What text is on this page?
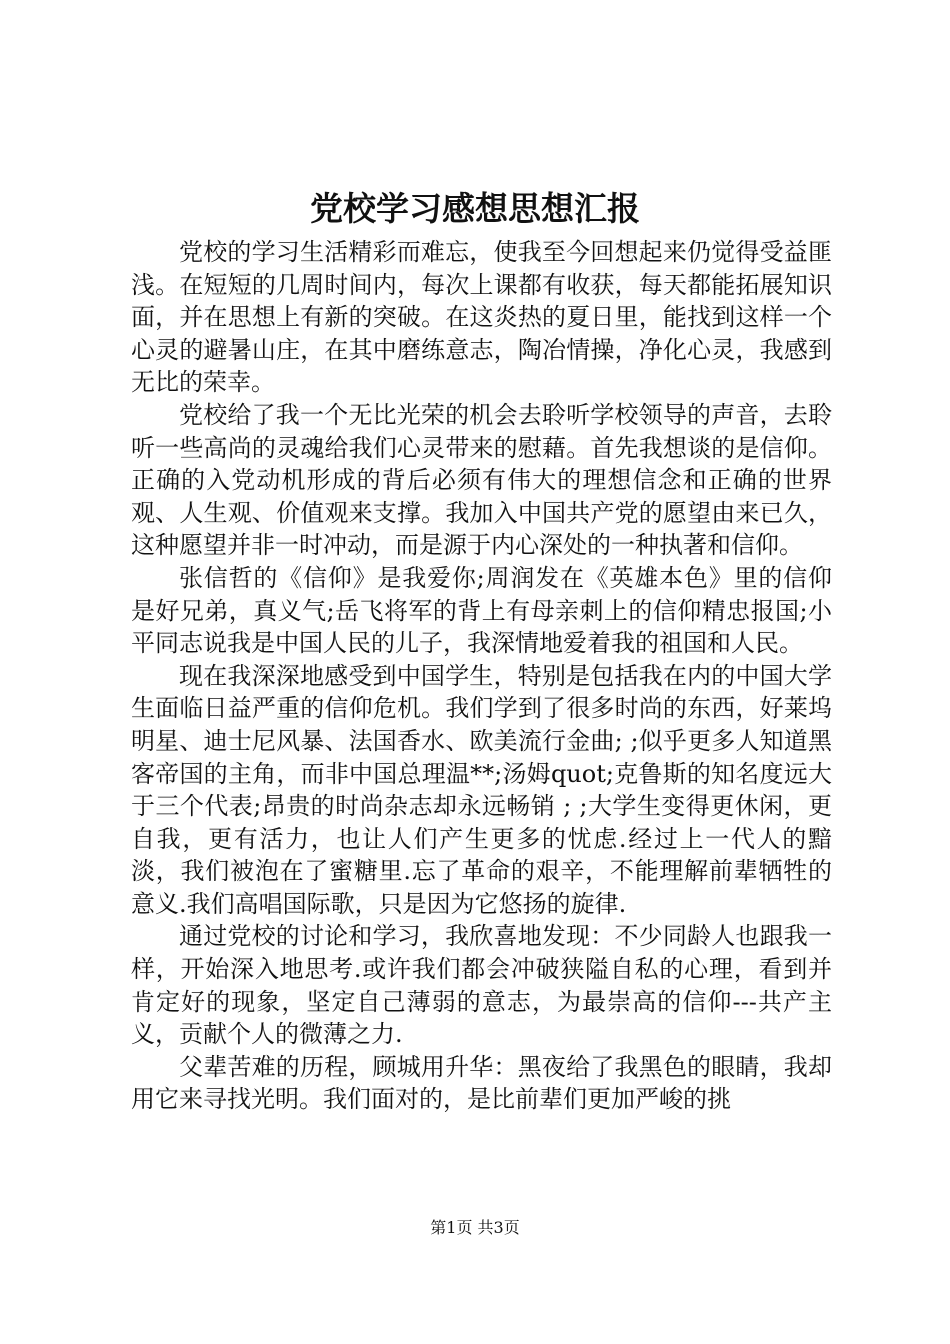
党校学习感想思想汇报

党校的学习生活精彩而难忘，使我至今回想起来仍觉得受益匪浅。在短短的几周时间内，每次上课都有收获，每天都能拓展知识面，并在思想上有新的突破。在这炎热的夏日里，能找到这样一个心灵的避暑山庄，在其中磨练意志，陶冶情操，净化心灵，我感到无比的荣幸。

党校给了我一个无比光荣的机会去聆听学校领导的声音，去聆听一些高尚的灵魂给我们心灵带来的慰藉。首先我想谈的是信仰。正确的入党动机形成的背后必须有伟大的理想信念和正确的世界观、人生观、价值观来支撑。我加入中国共产党的愿望由来已久，这种愿望并非一时冲动，而是源于内心深处的一种执著和信仰。

张信哲的《信仰》是我爱你;周润发在《英雄本色》里的信仰是好兄弟，真义气;岳飞将军的背上有母亲刺上的信仰精忠报国;小平同志说我是中国人民的儿子，我深情地爱着我的祖国和人民。

现在我深深地感受到中国学生，特别是包括我在内的中国大学生面临日益严重的信仰危机。我们学到了很多时尚的东西，好莱坞明星、迪士尼风暴、法国香水、欧美流行金曲; ;似乎更多人知道黑客帝国的主角，而非中国总理温**;汤姆quot;克鲁斯的知名度远大于三个代表;昂贵的时尚杂志却永远畅销 ; ;大学生变得更休闲，更自我，更有活力，也让人们产生更多的忧虑.经过上一代人的黯淡，我们被泡在了蜜糖里.忘了革命的艰辛，不能理解前辈牺牲的意义.我们高唱国际歌，只是因为它悠扬的旋律.

通过党校的讨论和学习，我欣喜地发现：不少同龄人也跟我一样，开始深入地思考.或许我们都会冲破狭隘自私的心理，看到并肯定好的现象，坚定自己薄弱的意志，为最崇高的信仰---共产主义，贡献个人的微薄之力.

父辈苦难的历程，顾城用升华：黑夜给了我黑色的眼睛，我却用它来寻找光明。我们面对的，是比前辈们更加严峻的挑

第1页 共3页
